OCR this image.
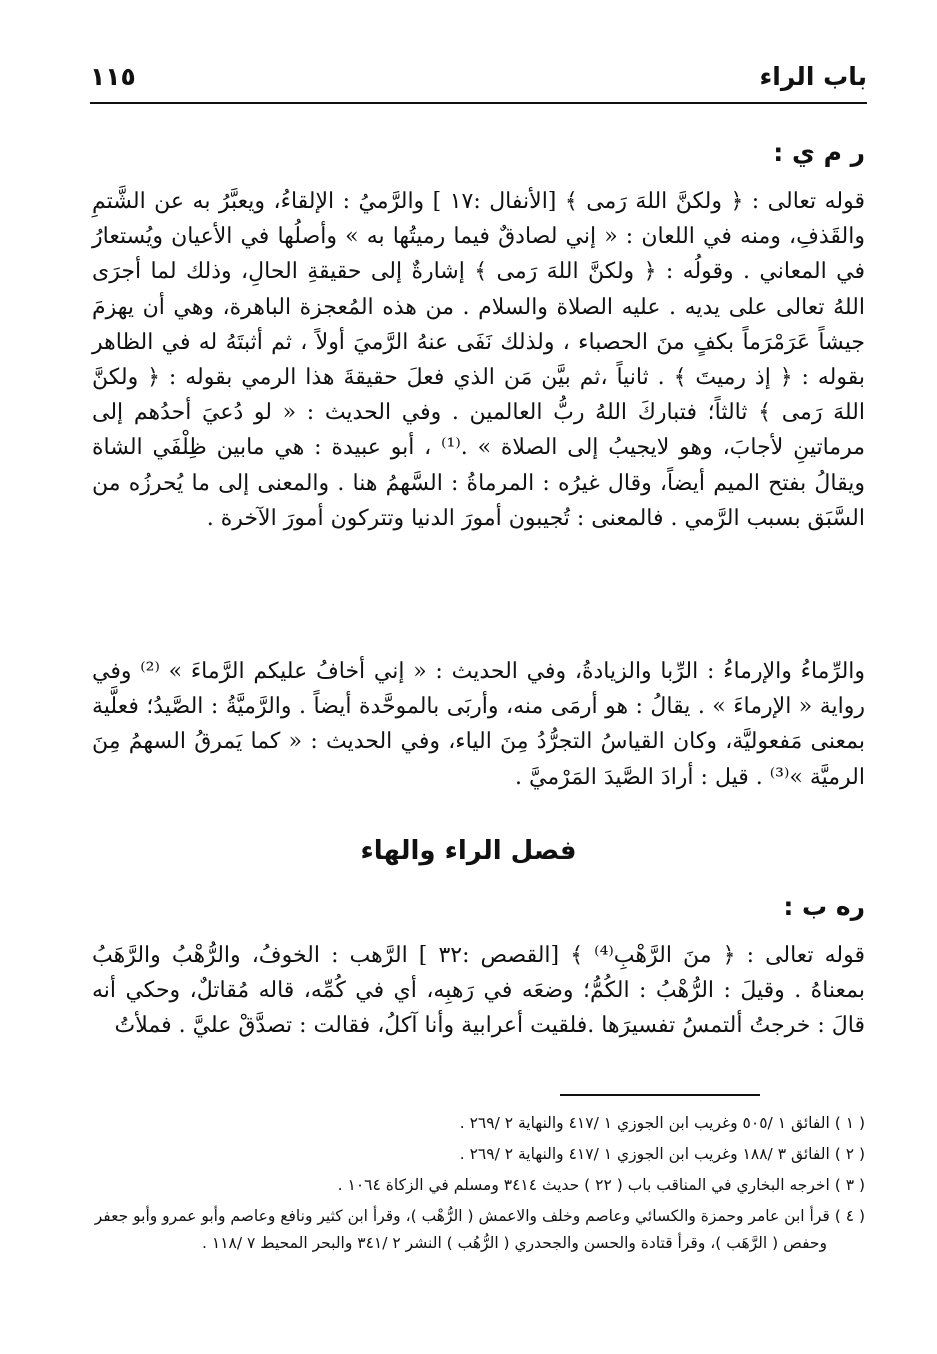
باب الراء
١١٥
ر م ي :

قوله تعالى : ﴿ ولكنَّ اللهَ رَمى ﴾ [الأنفال :١٧ ] والرَّميُ : الإلقاءُ، ويعبَّرُ به عن الشَّتمِ والقَذفِ، ومنه في اللعان : « إني لصادقٌ فيما رميتُها به » وأصلُها في الأعيان ويُستعارُ في المعاني . وقولُه : ﴿ ولكنَّ اللهَ رَمى ﴾ إشارةٌ إلى حقيقةِ الحالِ، وذلك لما أجرَى اللهُ تعالى على يديه . عليه الصلاة والسلام . من هذه المُعجزة الباهرة، وهي أن يهزمَ جيشاً عَرَمْرَماً بكفٍ منَ الحصباء ، ولذلك نَفَى عنهُ الرَّميَ أولاً ، ثم أثبتَهُ له في الظاهر بقوله : ﴿ إذ رميتَ ﴾ . ثانياً ،ثم بيَّن مَن الذي فعلَ حقيقةَ هذا الرمي بقوله : ﴿ ولكنَّ اللهَ رَمى ﴾ ثالثاً؛ فتباركَ اللهُ ربُّ العالمين . وفي الحديث : « لو دُعيَ أحدُهم إلى مرماتينِ لأجابَ، وهو لايجيبُ إلى الصلاة » .⁽¹⁾ ، أبو عبيدة : هي مابين ظِلْفَي الشاة ويقالُ بفتح الميم أيضاً، وقال غيرُه : المرماةُ : السَّهمُ هنا . والمعنى إلى ما يُحرزُه من السَّبَق بسبب الرَّمي . فالمعنى : تُجيبون أمورَ الدنيا وتتركون أمورَ الآخرة .

والرِّماءُ والإرماءُ : الرِّبا والزيادةُ، وفي الحديث : « إني أخافُ عليكم الرَّماءَ » ⁽²⁾ وفي رواية « الإرماءَ » . يقالُ : هو أرمَى منه، وأربَى بالموحَّدة أيضاً . والرَّميَّةُ : الصَّيدُ؛ فعلَّية بمعنى مَفعوليَّة، وكان القياسُ التجرُّدُ مِنَ الياء، وفي الحديث : « كما يَمرقُ السهمُ مِنَ الرميَّة »⁽³⁾ . قيل : أرادَ الصَّيدَ المَرْميَّ .

فصل الراء والهاء
ره ب :

قوله تعالى : ﴿ منَ الرَّهْبِ⁽⁴⁾ ﴾ [القصص :٣٢ ] الرَّهب : الخوفُ، والرُّهْبُ والرَّهَبُ بمعناهُ . وقيلَ : الرُّهْبُ : الكُمُّ؛ وضعَه في رَهبِه، أي في كُمِّه، قاله مُقاتلٌ، وحكي أنه قالَ : خرجتُ ألتمسُ تفسيرَها .فلقيت أعرابية وأنا آكلُ، فقالت : تصدَّقْ عليَّ . فملأتُ

( ١ ) الفائق ١ /٥٠٥ وغريب ابن الجوزي ١ /٤١٧ والنهاية ٢ /٢٦٩ .
( ٢ ) الفائق ٣ /١٨٨ وغريب ابن الجوزي ١ /٤١٧ والنهاية ٢ /٢٦٩ .
( ٣ ) اخرجه البخاري في المناقب باب ( ٢٢ ) حديث ٣٤١٤ ومسلم في الزكاة ١٠٦٤ .
( ٤ ) قرأ ابن عامر وحمزة والكسائي وعاصم وخلف والاعمش ( الرُّهْب )، وقرأ ابن كثير ونافع وعاصم وأبو عمرو وأبو جعفر وحفص ( الرَّهَب )، وقرأ قتادة والحسن والجحدري ( الرُّهُب ) النشر ٢ /٣٤١ والبحر المحيط ٧ /١١٨ .
